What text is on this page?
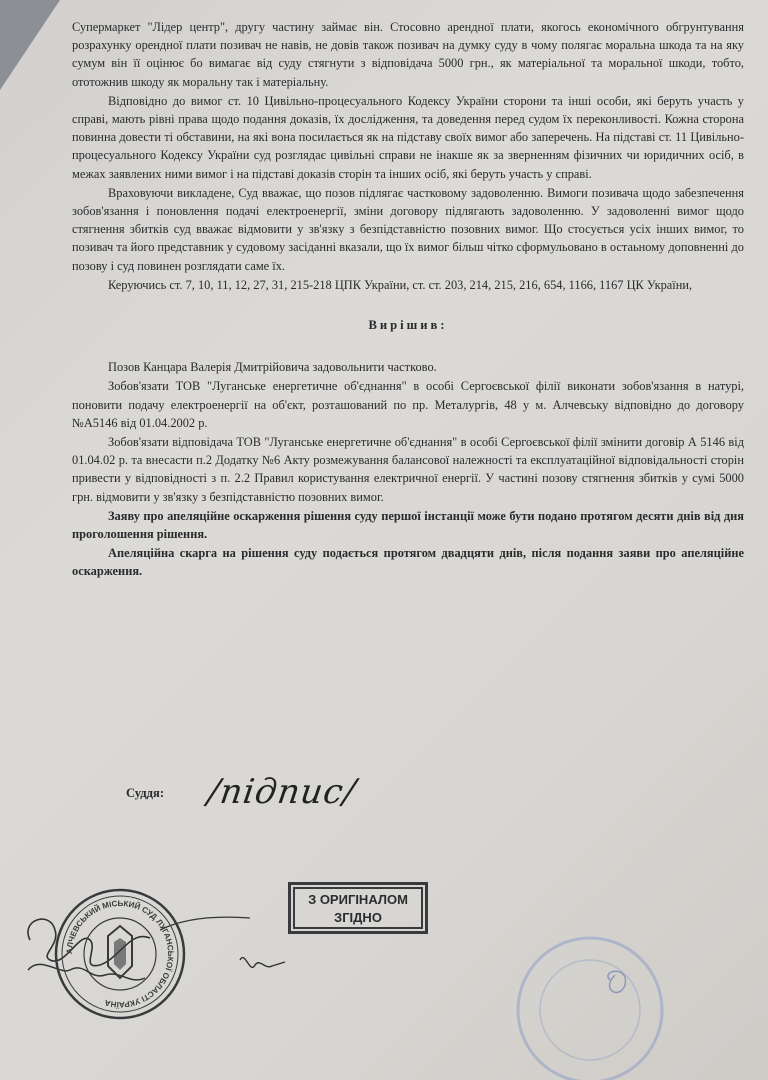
Супермаркет "Лідер центр", другу частину займає він. Стосовно арендної плати, якогось економічного обгрунтування розрахунку орендної плати позивач не навів, не довів також позивач на думку суду в чому полягає моральна шкода та на яку сумум він її оцінює бо вимагає від суду стягнути з відповідача 5000 грн., як матеріальної та моральної шкоди, тобто, ототожнив шкоду як моральну так і матеріальну.

Відповідно до вимог ст. 10 Цивільно-процесуального Кодексу України сторони та інші особи, які беруть участь у справі, мають рівні права щодо подання доказів, їх дослідження, та доведення перед судом їх переконливості. Кожна сторона повинна довести ті обставини, на які вона посилається як на підставу своїх вимог або заперечень. На підставі ст. 11 Цивільно-процесуального Кодексу України суд розглядає цивільні справи не інакше як за зверненням фізичних чи юридичних осіб, в межах заявлених ними вимог і на підставі доказів сторін та інших осіб, які беруть участь у справі.

Враховуючи викладене, Суд вважає, що позов підлягає частковому задоволенню. Вимоги позивача щодо забезпечення зобов'язання і поновлення подачі електроенергії, зміни договору підлягають задоволенню. У задоволенні вимог щодо стягнення збитків суд вважає відмовити у зв'язку з безпідставністю позовних вимог. Що стосується усіх інших вимог, то позивач та його представник у судовому засіданні вказали, що їх вимог більш чітко сформульовано в остаьному доповненні до позову і суд повинен розглядати саме їх.

Керуючись ст. 7, 10, 11, 12, 27, 31, 215-218 ЦПК України, ст. ст. 203, 214, 215, 216, 654, 1166, 1167 ЦК України,

Вирішив:

Позов Канцара Валерія Дмитрійовича задовольнити частково.

Зобов'язати ТОВ "Луганське енергетичне об'єднання" в особі Сергоєвської філії виконати зобов'язання в натурі, поновити подачу електроенергії на об'єкт, розташований по пр. Металургів, 48 у м. Алчевську відповідно до договору №А5146 від 01.04.2002 р.

Зобов'язати відповідача ТОВ "Луганське енергетичне об'єднання" в особі Сергоєвської філії змінити договір А 5146 від 01.04.02 р. та внесасти п.2 Додатку №6 Акту розмежування балансової належності та експлуатаційної відповідальності сторін привести у відповідності з п. 2.2 Правил користування електричної енергії. У частині позову стягнення збитків у сумі 5000 грн. відмовити у зв'язку з безпідставністю позовних вимог.

Заяву про апеляційне оскарження рішення суду першої інстанції може бути подано протягом десяти днів від дня проголошення рішення.

Апеляційна скарга на рішення суду подається протягом двадцяти днів, після подання заяви про апеляційне оскарження.

Суддя: /підпис/
З ОРИГІНАЛОМ
ЗГІДНО
АЛЧЕВСЬКИЙ МІСЬКИЙ СУД ЛУГАНСЬКОЇ ОБЛАСТІ УКРАЇНА
